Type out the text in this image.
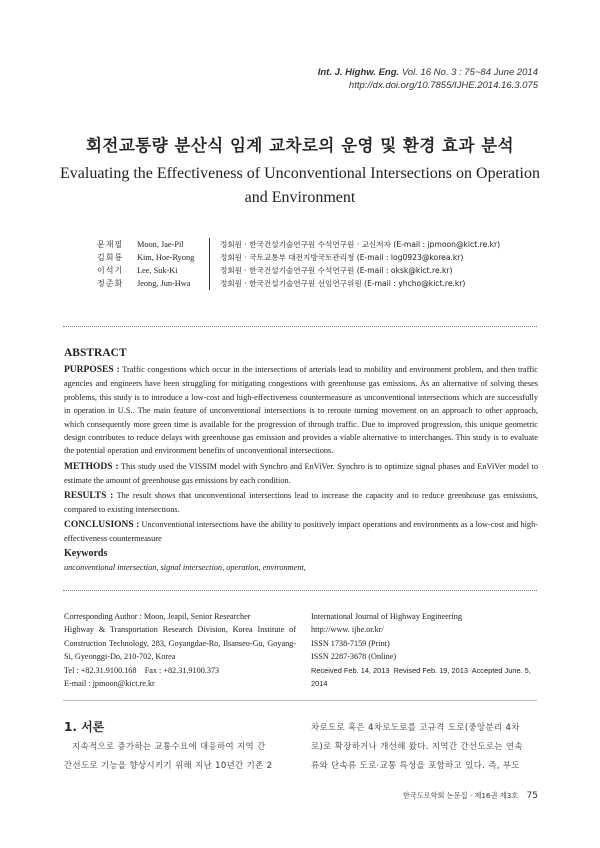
Int. J. Highw. Eng. Vol. 16 No. 3 : 75~84 June 2014
http://dx.doi.org/10.7855/IJHE.2014.16.3.075
회전교통량 분산식 임계 교차로의 운영 및 환경 효과 분석
Evaluating the Effectiveness of Unconventional Intersections on Operation and Environment
문재필	Moon, Jae-Pil	정회원 · 한국건설기술연구원 수석연구원 · 교신저자 (E-mail : jpmoon@kict.re.kr)
김회룡	Kim, Hoe-Ryong	정회원 · 국토교통부 대전지방국토관리청 (E-mail : log0923@korea.kr)
이석기	Lee, Suk-Ki	정회원 · 한국건설기술연구원 수석연구원 (E-mail : oksk@kict.re.kr)
정준화	Jeong, Jun-Hwa	정회원 · 한국건설기술연구원 선임연구위원 (E-mail : yhcho@kict.re.kr)
ABSTRACT
PURPOSES : Traffic congestions which occur in the intersections of arterials lead to mobility and environment problem, and then traffic agencies and engineers have been struggling for mitigating congestions with greenhouse gas emissions. As an alternative of solving theses problems, this study is to introduce a low-cost and high-effectiveness countermeasure as unconventional intersections which are successfully in operation in U.S.. The main feature of unconventional intersections is to reroute turning movement on an approach to other approach, which consequently more green time is available for the progression of through traffic. Due to improved progression, this unique geometric design contributes to reduce delays with greenhouse gas emission and provides a viable alternative to interchanges. This study is to evaluate the potential operation and environment benefits of unconventional intersections.
METHODS : This study used the VISSIM model with Synchro and EnViVer. Synchro is to optimize signal phases and EnViVer model to estimate the amount of greenhouse gas emissions by each condition.
RESULTS : The result shows that unconventional intersections lead to increase the capacity and to reduce greenhouse gas emissions, compared to existing intersections.
CONCLUSIONS : Unconventional intersections have the ability to positively impact operations and environments as a low-cost and high-effectiveness countermeasure
Keywords
unconventional intersection, signal intersection, operation, environment,
Corresponding Author : Moon, Jeapil, Senior Researcher
Highway & Transportation Research Division, Korea Institute of Construction Technology, 283, Goyangdae-Ro, Ilsanseo-Gu, Goyang-Si, Gyeonggi-Do, 210-702, Korea
Tel : +82.31.9100.168 Fax : +82.31.9100.373
E-mail : jpmoon@kict.re.kr
International Journal of Highway Engineering
http://www. ijhe.or.kr/
ISSN 1738-7159 (Print)
ISSN 2287-3678 (Online)
Received Feb. 14, 2013 Revised Feb. 19, 2013 Accepted June. 5, 2014
1. 서론
지속적으로 증가하는 교통수요에 대응하여 지역 간
간선도로 기능을 향상시키기 위해 지난 10년간 기존 2
차로도로 혹은 4차로도로를 고규격 도로(중앙분리 4차
로)로 확장하거나 개선해 왔다. 지역간 간선도로는 연속
류와 단속류 도로·교통 특성을 포함하고 있다. 즉, 부도
한국도로학회 논문집 · 제16권 제3호 75
